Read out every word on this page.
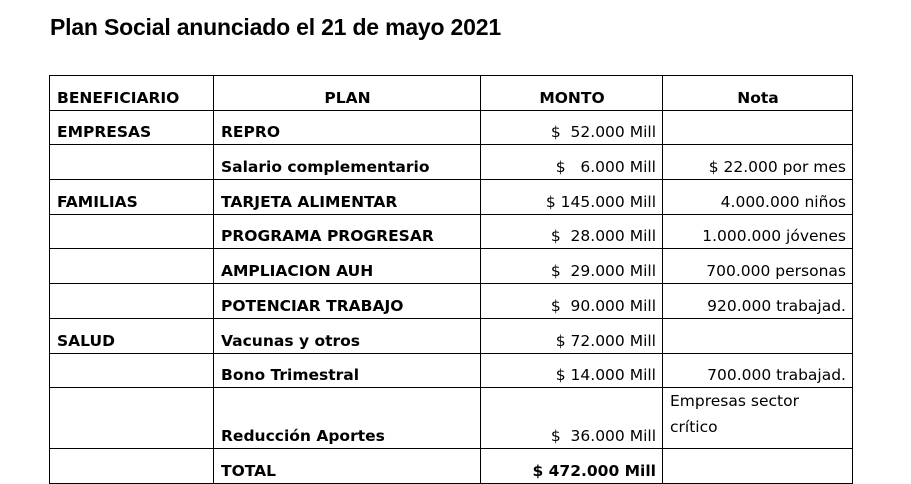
Plan Social anunciado el 21 de mayo 2021
BENEFICIARIO	PLAN	MONTO	Nota
EMPRESAS	REPRO	$  52.000 Mill	
	Salario complementario	$   6.000 Mill	$ 22.000 por mes
FAMILIAS	TARJETA ALIMENTAR	$ 145.000 Mill	4.000.000 niños
	PROGRAMA PROGRESAR	$  28.000 Mill	1.000.000 jóvenes
	AMPLIACION AUH	$  29.000 Mill	700.000 personas
	POTENCIAR TRABAJO	$  90.000 Mill	920.000 trabajad.
SALUD	Vacunas y otros	$ 72.000 Mill	
	Bono Trimestral	$ 14.000 Mill	700.000 trabajad.
	Reducción Aportes	$  36.000 Mill	Empresas sector crítico
	TOTAL	$ 472.000 Mill	
